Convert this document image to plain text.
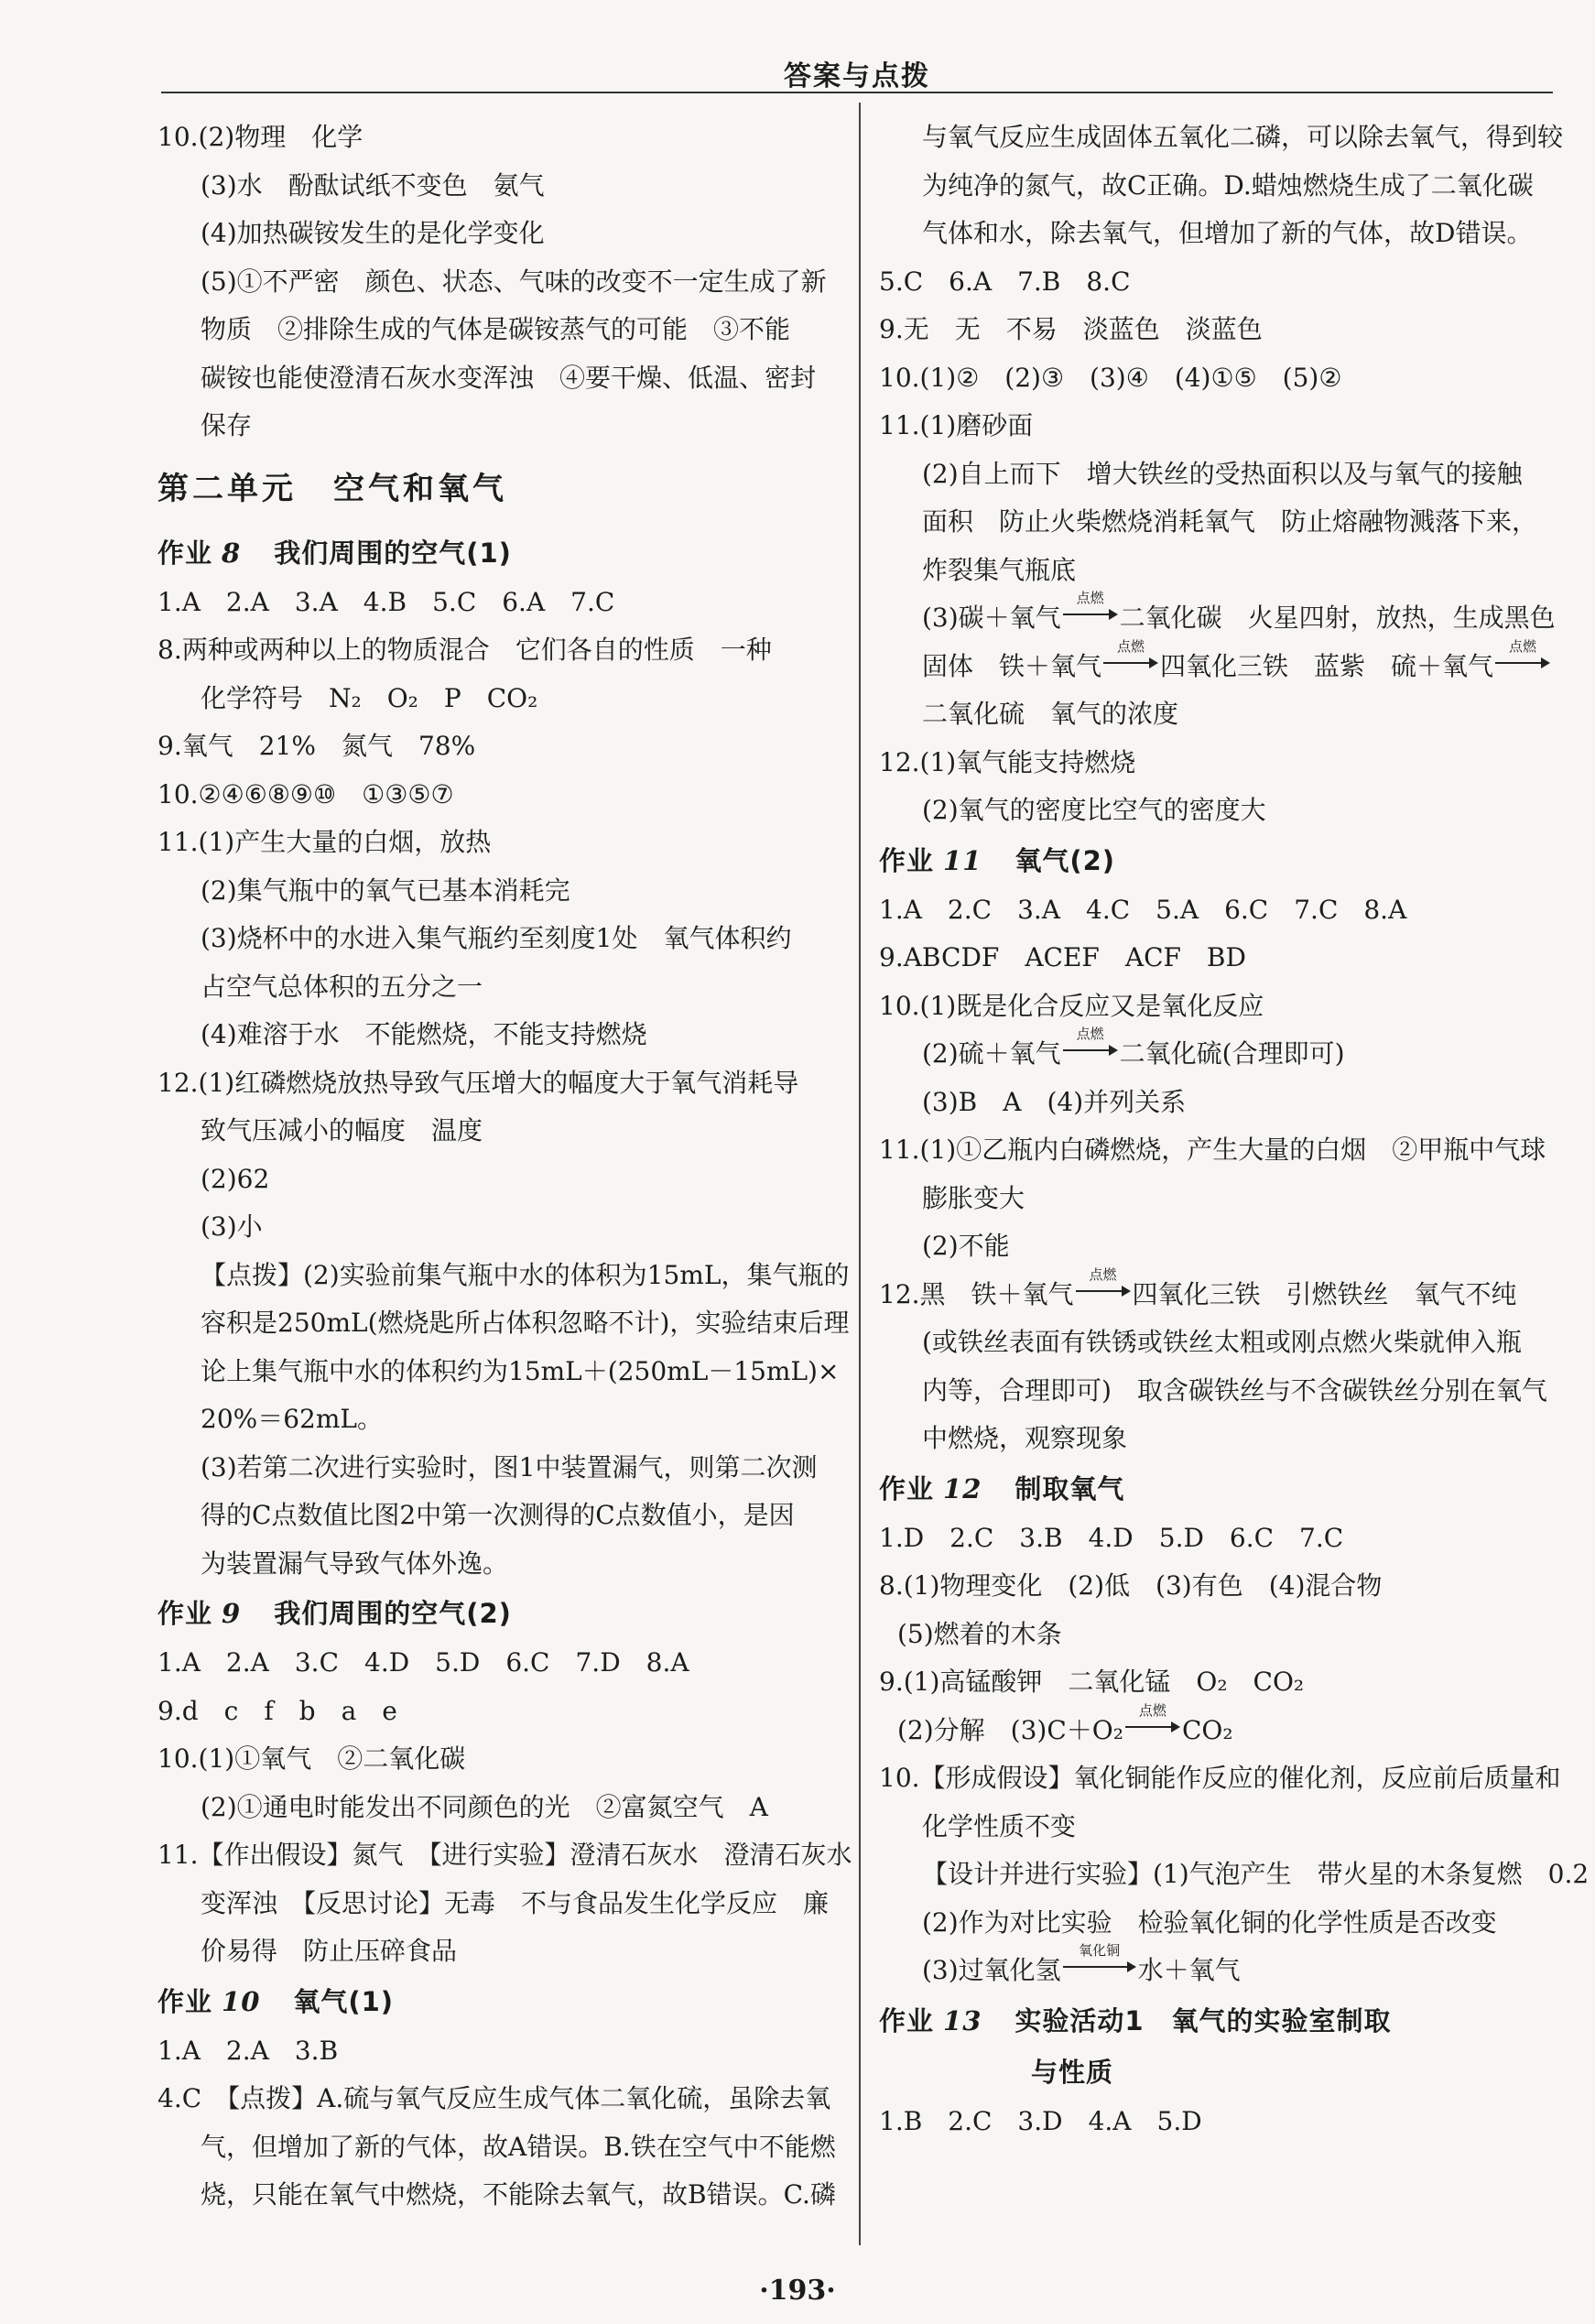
答案与点拨
10.(2)物理　化学
(3)水　酚酞试纸不变色　氨气
(4)加热碳铵发生的是化学变化
(5)①不严密　颜色、状态、气味的改变不一定生成了新
物质　②排除生成的气体是碳铵蒸气的可能　③不能
碳铵也能使澄清石灰水变浑浊　④要干燥、低温、密封
保存
第二单元 空气和氧气
作业 8 我们周围的空气(1)
1.A　2.A　3.A　4.B　5.C　6.A　7.C
8.两种或两种以上的物质混合　它们各自的性质　一种
化学符号　N₂　O₂　P　CO₂
9.氧气　21%　氮气　78%
10.②④⑥⑧⑨⑩　①③⑤⑦
11.(1)产生大量的白烟，放热
(2)集气瓶中的氧气已基本消耗完
(3)烧杯中的水进入集气瓶约至刻度1处　氧气体积约
占空气总体积的五分之一
(4)难溶于水　不能燃烧，不能支持燃烧
12.(1)红磷燃烧放热导致气压增大的幅度大于氧气消耗导
致气压减小的幅度　温度
(2)62
(3)小
【点拨】(2)实验前集气瓶中水的体积为15mL，集气瓶的
容积是250mL(燃烧匙所占体积忽略不计)，实验结束后理
论上集气瓶中水的体积约为15mL＋(250mL－15mL)×
20%＝62mL。
(3)若第二次进行实验时，图1中装置漏气，则第二次测
得的C点数值比图2中第一次测得的C点数值小，是因
为装置漏气导致气体外逸。
作业 9 我们周围的空气(2)
1.A　2.A　3.C　4.D　5.D　6.C　7.D　8.A
9.d　c　f　b　a　e
10.(1)①氧气　②二氧化碳
(2)①通电时能发出不同颜色的光　②富氮空气　A
11.【作出假设】氮气　【进行实验】澄清石灰水　澄清石灰水
变浑浊　【反思讨论】无毒　不与食品发生化学反应　廉
价易得　防止压碎食品
作业 10 氧气(1)
1.A　2.A　3.B
4.C　【点拨】A.硫与氧气反应生成气体二氧化硫，虽除去氧
气，但增加了新的气体，故A错误。B.铁在空气中不能燃
烧，只能在氧气中燃烧，不能除去氧气，故B错误。C.磷
与氧气反应生成固体五氧化二磷，可以除去氧气，得到较
为纯净的氮气，故C正确。D.蜡烛燃烧生成了二氧化碳
气体和水，除去氧气，但增加了新的气体，故D错误。
5.C　6.A　7.B　8.C
9.无　无　不易　淡蓝色　淡蓝色
10.(1)②　(2)③　(3)④　(4)①⑤　(5)②
11.(1)磨砂面
(2)自上而下　增大铁丝的受热面积以及与氧气的接触
面积　防止火柴燃烧消耗氧气　防止熔融物溅落下来，
炸裂集气瓶底
(3)碳＋氧气
点燃
二氧化碳　火星四射，放热，生成黑色
固体　铁＋氧气
点燃
四氧化三铁　蓝紫　硫＋氧气
点燃
二氧化硫　氧气的浓度
12.(1)氧气能支持燃烧
(2)氧气的密度比空气的密度大
作业 11 氧气(2)
1.A　2.C　3.A　4.C　5.A　6.C　7.C　8.A
9.ABCDF　ACEF　ACF　BD
10.(1)既是化合反应又是氧化反应
(2)硫＋氧气
点燃
二氧化硫(合理即可)
(3)B　A　(4)并列关系
11.(1)①乙瓶内白磷燃烧，产生大量的白烟　②甲瓶中气球
膨胀变大
(2)不能
12.黑　铁＋氧气
点燃
四氧化三铁　引燃铁丝　氧气不纯
(或铁丝表面有铁锈或铁丝太粗或刚点燃火柴就伸入瓶
内等，合理即可)　取含碳铁丝与不含碳铁丝分别在氧气
中燃烧，观察现象
作业 12 制取氧气
1.D　2.C　3.B　4.D　5.D　6.C　7.C
8.(1)物理变化　(2)低　(3)有色　(4)混合物
(5)燃着的木条
9.(1)高锰酸钾　二氧化锰　O₂　CO₂
(2)分解　(3)C＋O₂
点燃
CO₂
10.【形成假设】氧化铜能作反应的催化剂，反应前后质量和
化学性质不变
【设计并进行实验】(1)气泡产生　带火星的木条复燃　0.2
(2)作为对比实验　检验氧化铜的化学性质是否改变
(3)过氧化氢
氧化铜
水＋氧气
作业 13 实验活动1　氧气的实验室制取
与性质
1.B　2.C　3.D　4.A　5.D
·193·
